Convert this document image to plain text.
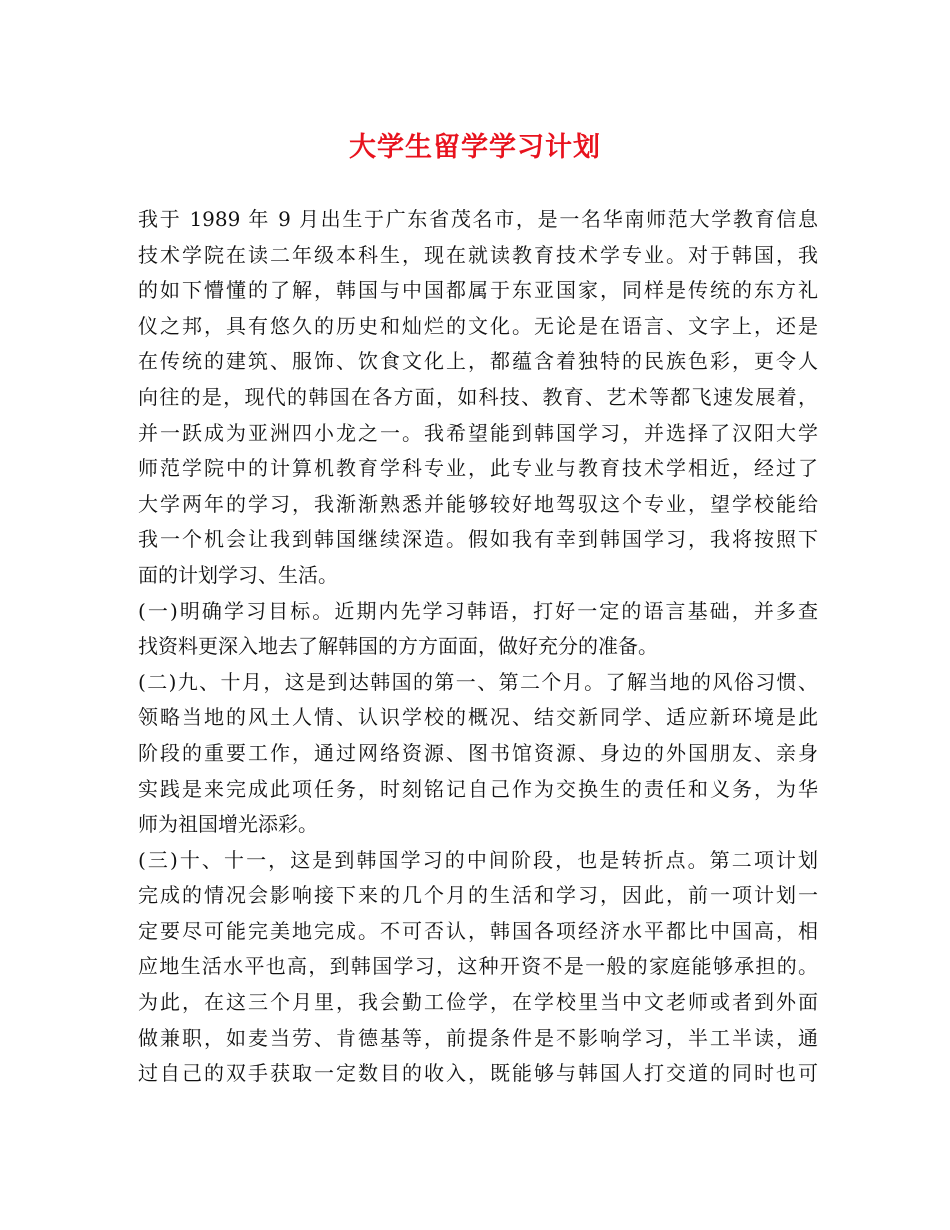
大学生留学学习计划
我于 1989 年 9 月出生于广东省茂名市，是一名华南师范大学教育信息
技术学院在读二年级本科生，现在就读教育技术学专业。对于韩国，我
的如下懵懂的了解，韩国与中国都属于东亚国家，同样是传统的东方礼
仪之邦，具有悠久的历史和灿烂的文化。无论是在语言、文字上，还是
在传统的建筑、服饰、饮食文化上，都蕴含着独特的民族色彩，更令人
向往的是，现代的韩国在各方面，如科技、教育、艺术等都飞速发展着，
并一跃成为亚洲四小龙之一。我希望能到韩国学习，并选择了汉阳大学
师范学院中的计算机教育学科专业，此专业与教育技术学相近，经过了
大学两年的学习，我渐渐熟悉并能够较好地驾驭这个专业，望学校能给
我一个机会让我到韩国继续深造。假如我有幸到韩国学习，我将按照下
面的计划学习、生活。
(一)明确学习目标。近期内先学习韩语，打好一定的语言基础，并多查
找资料更深入地去了解韩国的方方面面，做好充分的准备。
(二)九、十月，这是到达韩国的第一、第二个月。了解当地的风俗习惯、
领略当地的风土人情、认识学校的概况、结交新同学、适应新环境是此
阶段的重要工作，通过网络资源、图书馆资源、身边的外国朋友、亲身
实践是来完成此项任务，时刻铭记自己作为交换生的责任和义务，为华
师为祖国增光添彩。
(三)十、十一，这是到韩国学习的中间阶段，也是转折点。第二项计划
完成的情况会影响接下来的几个月的生活和学习，因此，前一项计划一
定要尽可能完美地完成。不可否认，韩国各项经济水平都比中国高，相
应地生活水平也高，到韩国学习，这种开资不是一般的家庭能够承担的。
为此，在这三个月里，我会勤工俭学，在学校里当中文老师或者到外面
做兼职，如麦当劳、肯德基等，前提条件是不影响学习，半工半读，通
过自己的双手获取一定数目的收入，既能够与韩国人打交道的同时也可
